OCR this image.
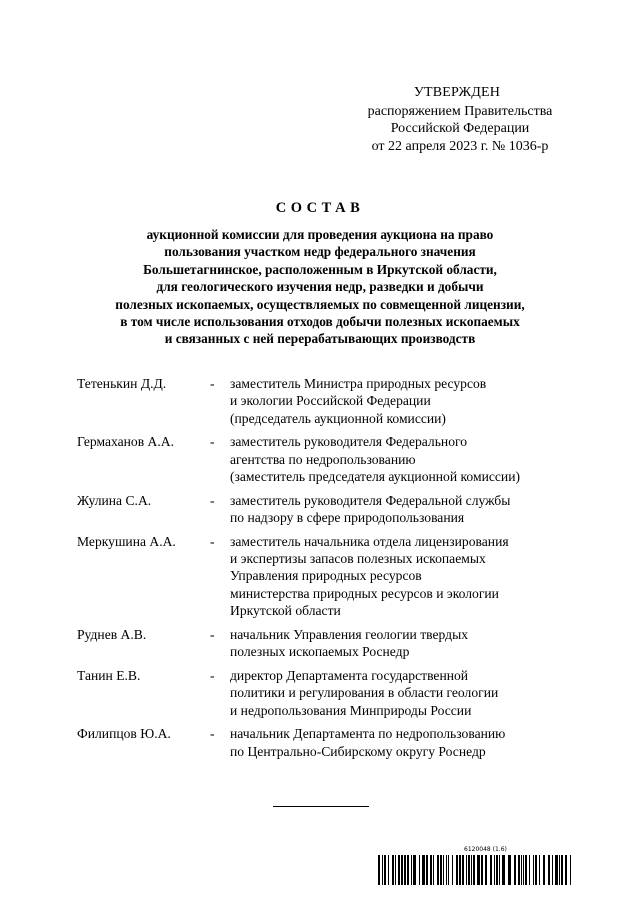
УТВЕРЖДЕН
распоряжением Правительства
Российской Федерации
от 22 апреля 2023 г. № 1036-р
СОСТАВ
аукционной комиссии для проведения аукциона на право
пользования участком недр федерального значения
Большетагнинское, расположенным в Иркутской области,
для геологического изучения недр, разведки и добычи
полезных ископаемых, осуществляемых по совмещенной лицензии,
в том числе использования отходов добычи полезных ископаемых
и связанных с ней перерабатывающих производств
Тетенькин Д.Д.	-	заместитель Министра природных ресурсов
и экологии Российской Федерации
(председатель аукционной комиссии)
Гермаханов А.А.	-	заместитель руководителя Федерального
агентства по недропользованию
(заместитель председателя аукционной комиссии)
Жулина С.А.	-	заместитель руководителя Федеральной службы
по надзору в сфере природопользования
Меркушина А.А.	-	заместитель начальника отдела лицензирования
и экспертизы запасов полезных ископаемых
Управления природных ресурсов
министерства природных ресурсов и экологии
Иркутской области
Руднев А.В.	-	начальник Управления геологии твердых
полезных ископаемых Роснедр
Танин Е.В.	-	директор Департамента государственной
политики и регулирования в области геологии
и недропользования Минприроды России
Филипцов Ю.А.	-	начальник Департамента по недропользованию
по Центрально-Сибирскому округу Роснедр
6120048 (1.6)
